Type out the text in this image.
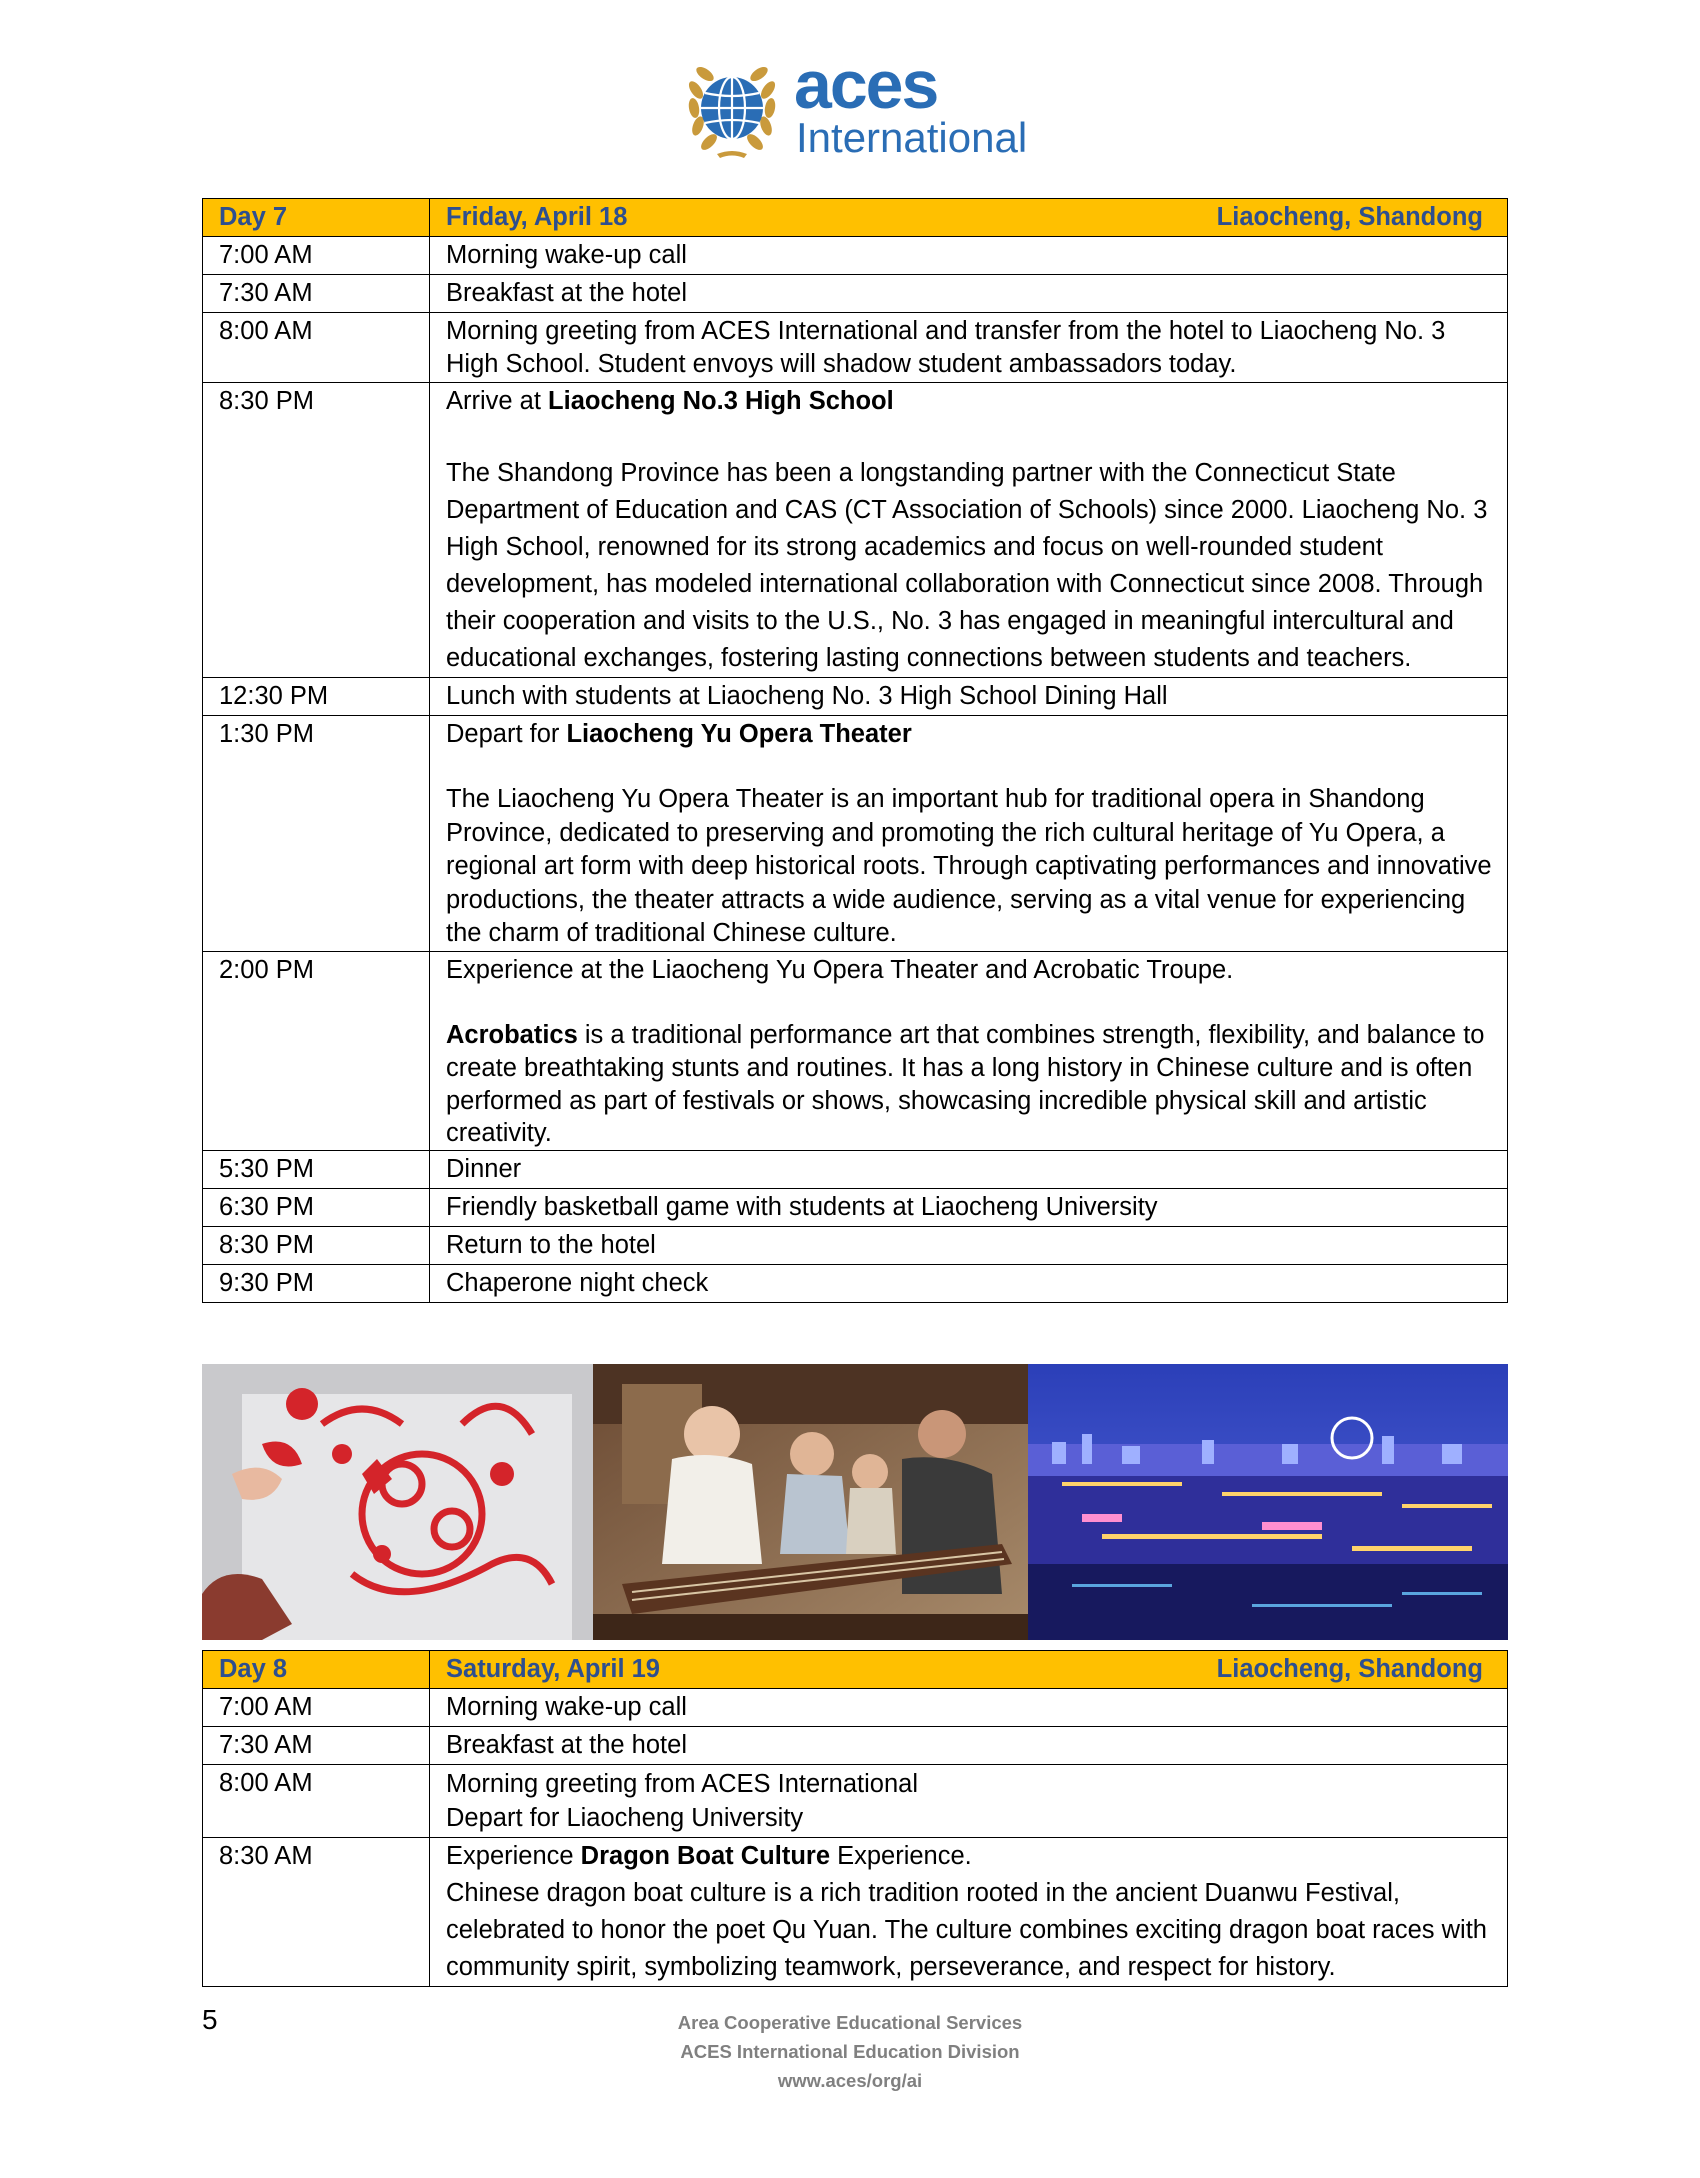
aces
International
Day 7	Friday, April 18 Liaocheng, Shandong

7:00 AM	Morning wake-up call
7:30 AM	Breakfast at the hotel
8:00 AM	Morning greeting from ACES International and transfer from the hotel to Liaocheng No. 3 High School. Student envoys will shadow student ambassadors today.
8:30 PM	Arrive at Liaocheng No.3 High School

The Shandong Province has been a longstanding partner with the Connecticut State Department of Education and CAS (CT Association of Schools) since 2000. Liaocheng No. 3 High School, renowned for its strong academics and focus on well-rounded student development, has modeled international collaboration with Connecticut since 2008. Through their cooperation and visits to the U.S., No. 3 has engaged in meaningful intercultural and educational exchanges, fostering lasting connections between students and teachers.

12:30 PM	Lunch with students at Liaocheng No. 3 High School Dining Hall
1:30 PM	Depart for Liaocheng Yu Opera Theater

The Liaocheng Yu Opera Theater is an important hub for traditional opera in Shandong Province, dedicated to preserving and promoting the rich cultural heritage of Yu Opera, a regional art form with deep historical roots. Through captivating performances and innovative productions, the theater attracts a wide audience, serving as a vital venue for experiencing the charm of traditional Chinese culture.

2:00 PM	Experience at the Liaocheng Yu Opera Theater and Acrobatic Troupe.

Acrobatics is a traditional performance art that combines strength, flexibility, and balance to create breathtaking stunts and routines. It has a long history in Chinese culture and is often performed as part of festivals or shows, showcasing incredible physical skill and artistic creativity.

5:30 PM	Dinner
6:30 PM	Friendly basketball game with students at Liaocheng University
8:30 PM	Return to the hotel
9:30 PM	Chaperone night check
Day 8	Saturday, April 19 Liaocheng, Shandong

7:00 AM	Morning wake-up call
7:30 AM	Breakfast at the hotel
8:00 AM	Morning greeting from ACES International

Depart for Liaocheng University

8:30 AM	Experience Dragon Boat Culture Experience.

Chinese dragon boat culture is a rich tradition rooted in the ancient Duanwu Festival, celebrated to honor the poet Qu Yuan. The culture combines exciting dragon boat races with community spirit, symbolizing teamwork, perseverance, and respect for history.

5	Area Cooperative Educational Services
ACES International Education Division
www.aces/org/ai
